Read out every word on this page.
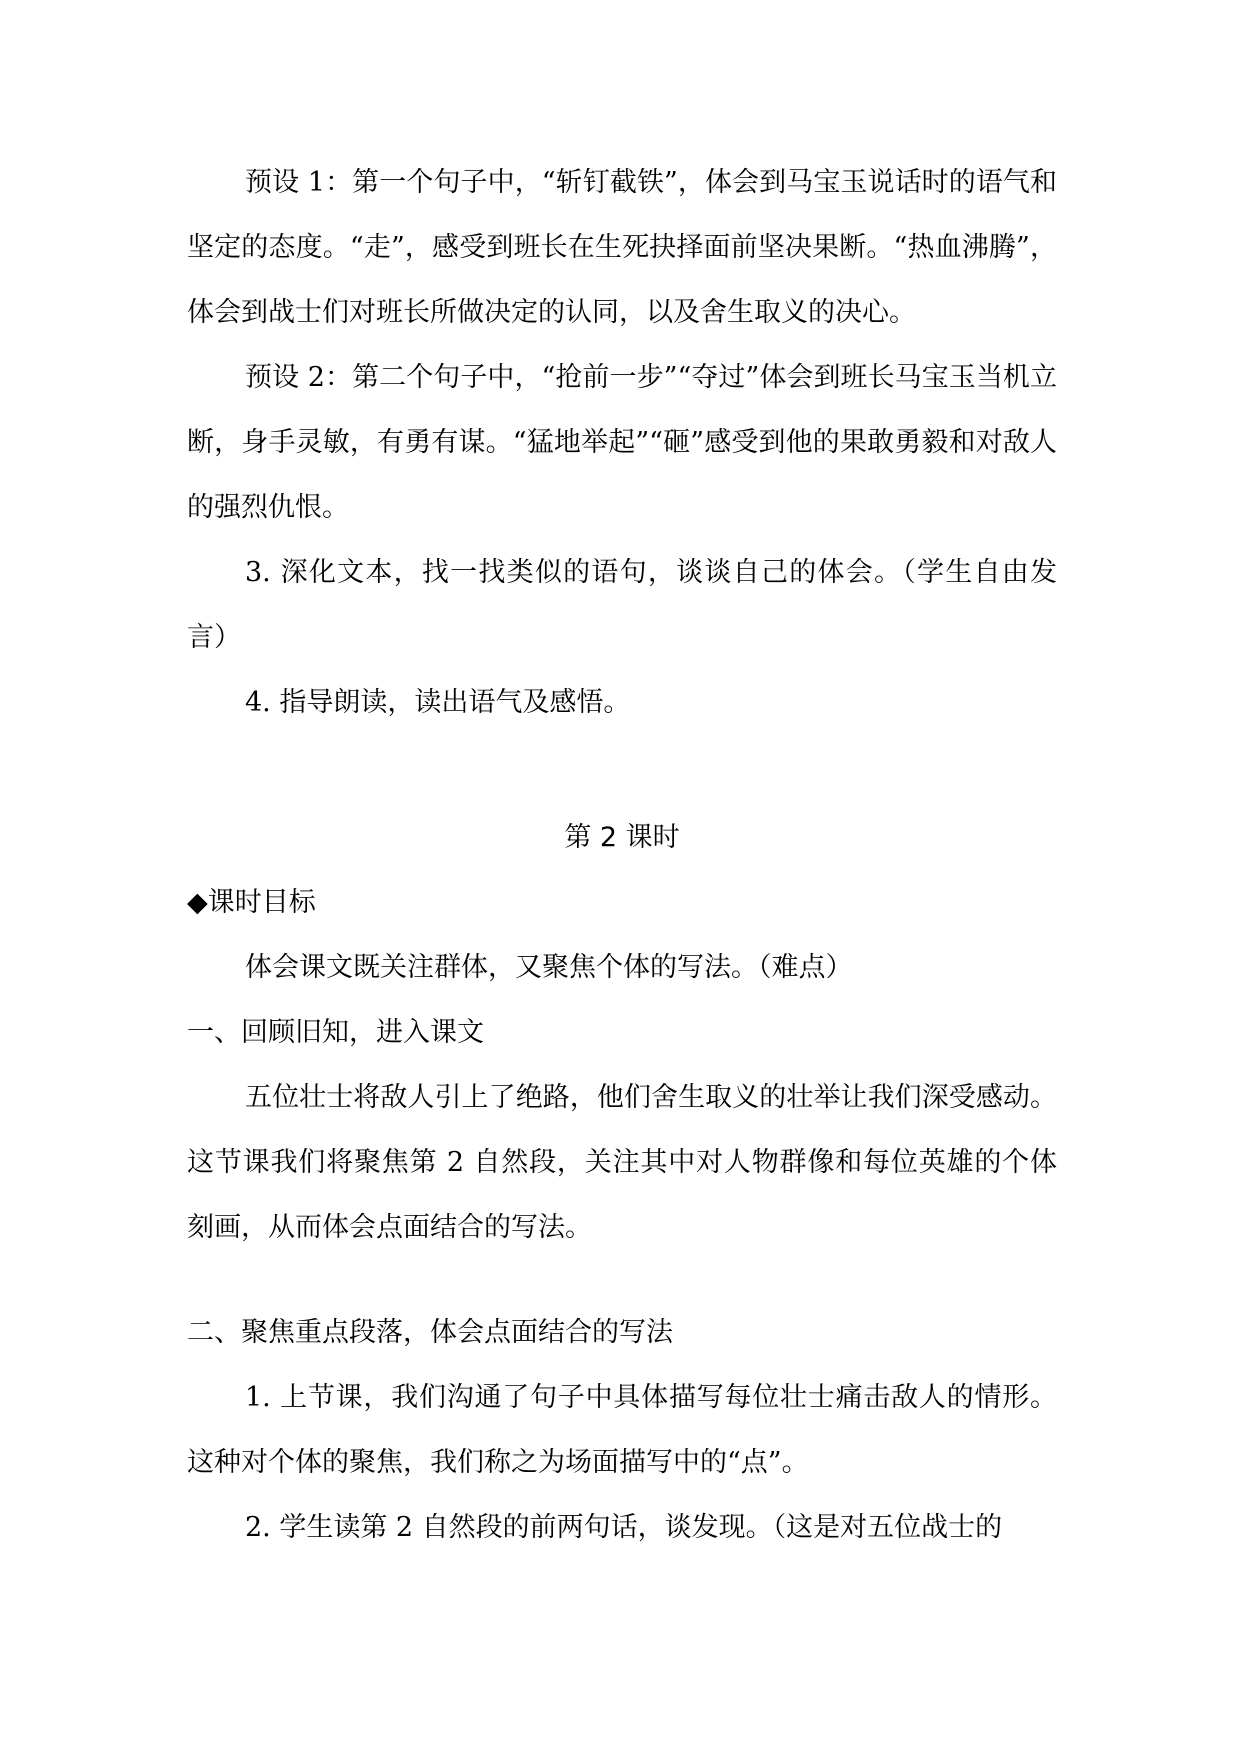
预设 1：第一个句子中，“斩钉截铁”，体会到马宝玉说话时的语气和坚定的态度。“走”，感受到班长在生死抉择面前坚决果断。“热血沸腾”，体会到战士们对班长所做决定的认同，以及舍生取义的决心。

预设 2：第二个句子中，“抢前一步”“夺过”体会到班长马宝玉当机立断，身手灵敏，有勇有谋。“猛地举起”“砸”感受到他的果敢勇毅和对敌人的强烈仇恨。

3. 深化文本，找一找类似的语句，谈谈自己的体会。（学生自由发言）

4. 指导朗读，读出语气及感悟。

第 2 课时

◆课时目标

体会课文既关注群体，又聚焦个体的写法。（难点）

一、回顾旧知，进入课文

五位壮士将敌人引上了绝路，他们舍生取义的壮举让我们深受感动。这节课我们将聚焦第 2 自然段，关注其中对人物群像和每位英雄的个体刻画，从而体会点面结合的写法。

二、聚焦重点段落，体会点面结合的写法

1. 上节课，我们沟通了句子中具体描写每位壮士痛击敌人的情形。这种对个体的聚焦，我们称之为场面描写中的“点”。

2. 学生读第 2 自然段的前两句话，谈发现。（这是对五位战士的
